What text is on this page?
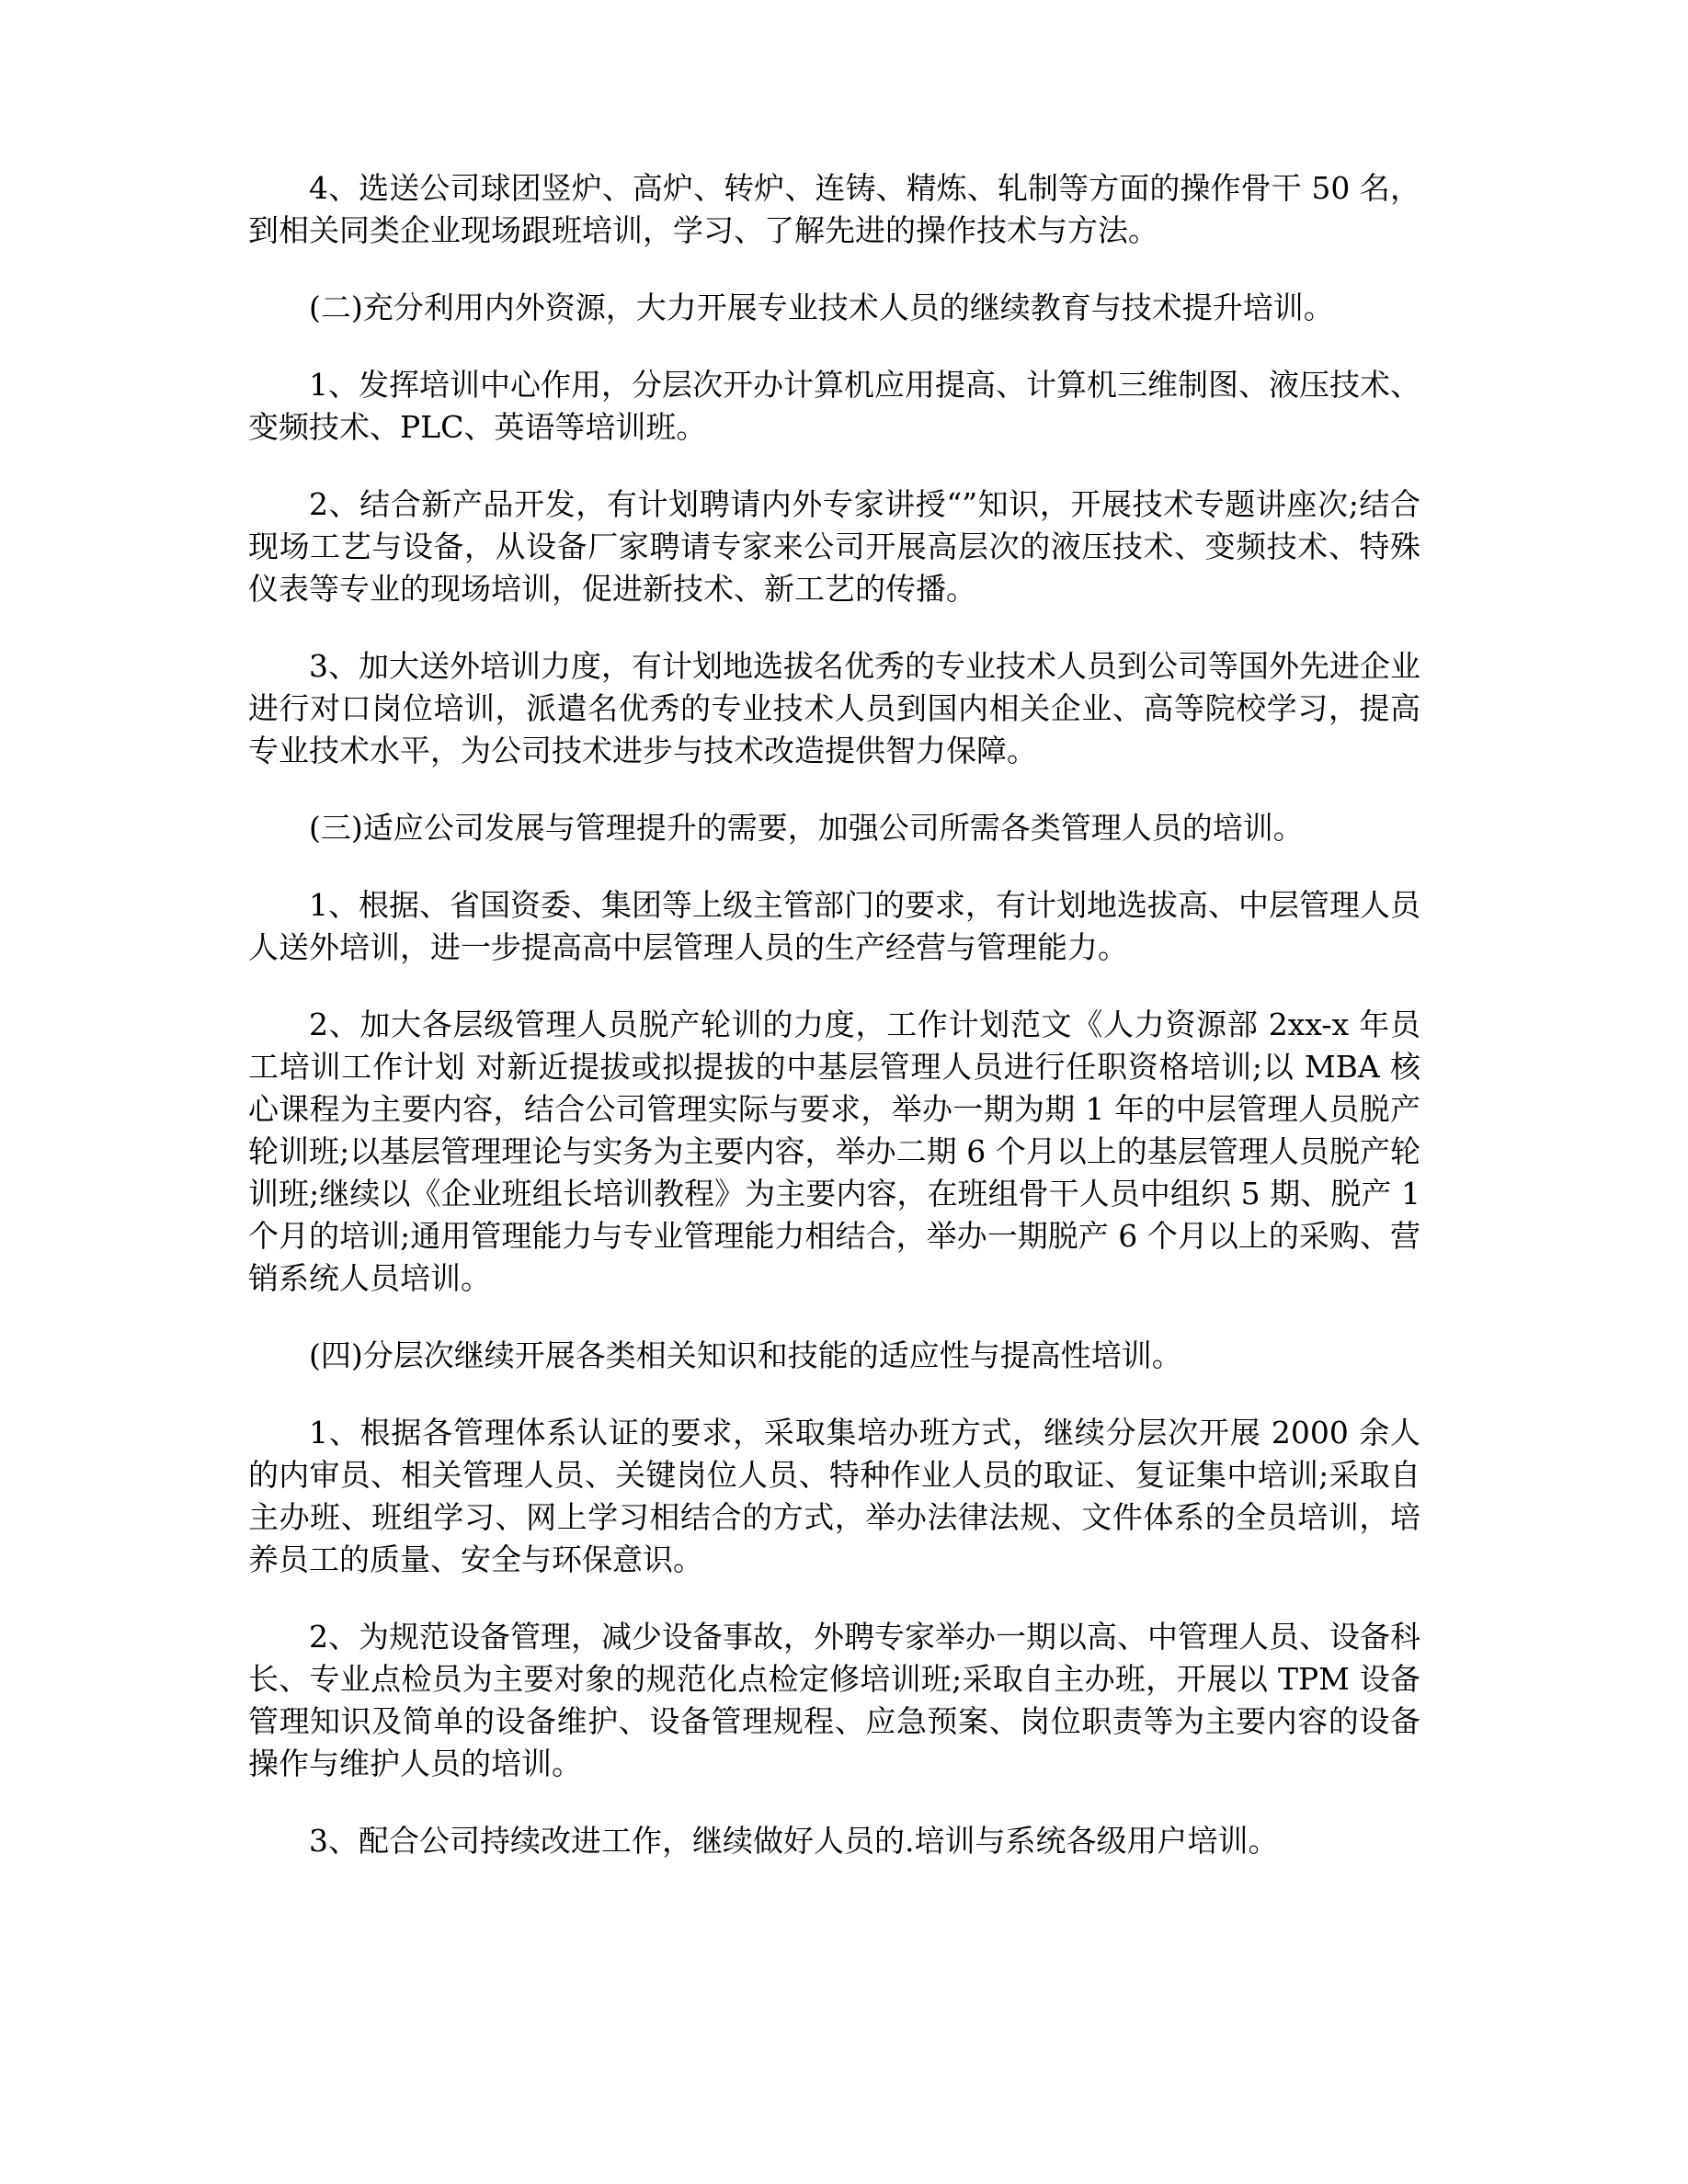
4、选送公司球团竖炉、高炉、转炉、连铸、精炼、轧制等方面的操作骨干 50 名，到相关同类企业现场跟班培训，学习、了解先进的操作技术与方法。

(二)充分利用内外资源，大力开展专业技术人员的继续教育与技术提升培训。

1、发挥培训中心作用，分层次开办计算机应用提高、计算机三维制图、液压技术、变频技术、PLC、英语等培训班。

2、结合新产品开发，有计划聘请内外专家讲授“”知识，开展技术专题讲座次;结合现场工艺与设备，从设备厂家聘请专家来公司开展高层次的液压技术、变频技术、特殊仪表等专业的现场培训，促进新技术、新工艺的传播。

3、加大送外培训力度，有计划地选拔名优秀的专业技术人员到公司等国外先进企业进行对口岗位培训，派遣名优秀的专业技术人员到国内相关企业、高等院校学习，提高专业技术水平，为公司技术进步与技术改造提供智力保障。

(三)适应公司发展与管理提升的需要，加强公司所需各类管理人员的培训。

1、根据、省国资委、集团等上级主管部门的要求，有计划地选拔高、中层管理人员人送外培训，进一步提高高中层管理人员的生产经营与管理能力。

2、加大各层级管理人员脱产轮训的力度，工作计划范文《人力资源部 2xx-x 年员工培训工作计划 对新近提拔或拟提拔的中基层管理人员进行任职资格培训;以 MBA 核心课程为主要内容，结合公司管理实际与要求，举办一期为期 1 年的中层管理人员脱产轮训班;以基层管理理论与实务为主要内容，举办二期 6 个月以上的基层管理人员脱产轮训班;继续以《企业班组长培训教程》为主要内容，在班组骨干人员中组织 5 期、脱产 1 个月的培训;通用管理能力与专业管理能力相结合，举办一期脱产 6 个月以上的采购、营销系统人员培训。

(四)分层次继续开展各类相关知识和技能的适应性与提高性培训。

1、根据各管理体系认证的要求，采取集培办班方式，继续分层次开展 2000 余人的内审员、相关管理人员、关键岗位人员、特种作业人员的取证、复证集中培训;采取自主办班、班组学习、网上学习相结合的方式，举办法律法规、文件体系的全员培训，培养员工的质量、安全与环保意识。

2、为规范设备管理，减少设备事故，外聘专家举办一期以高、中管理人员、设备科长、专业点检员为主要对象的规范化点检定修培训班;采取自主办班，开展以 TPM 设备管理知识及简单的设备维护、设备管理规程、应急预案、岗位职责等为主要内容的设备操作与维护人员的培训。

3、配合公司持续改进工作，继续做好人员的.培训与系统各级用户培训。
